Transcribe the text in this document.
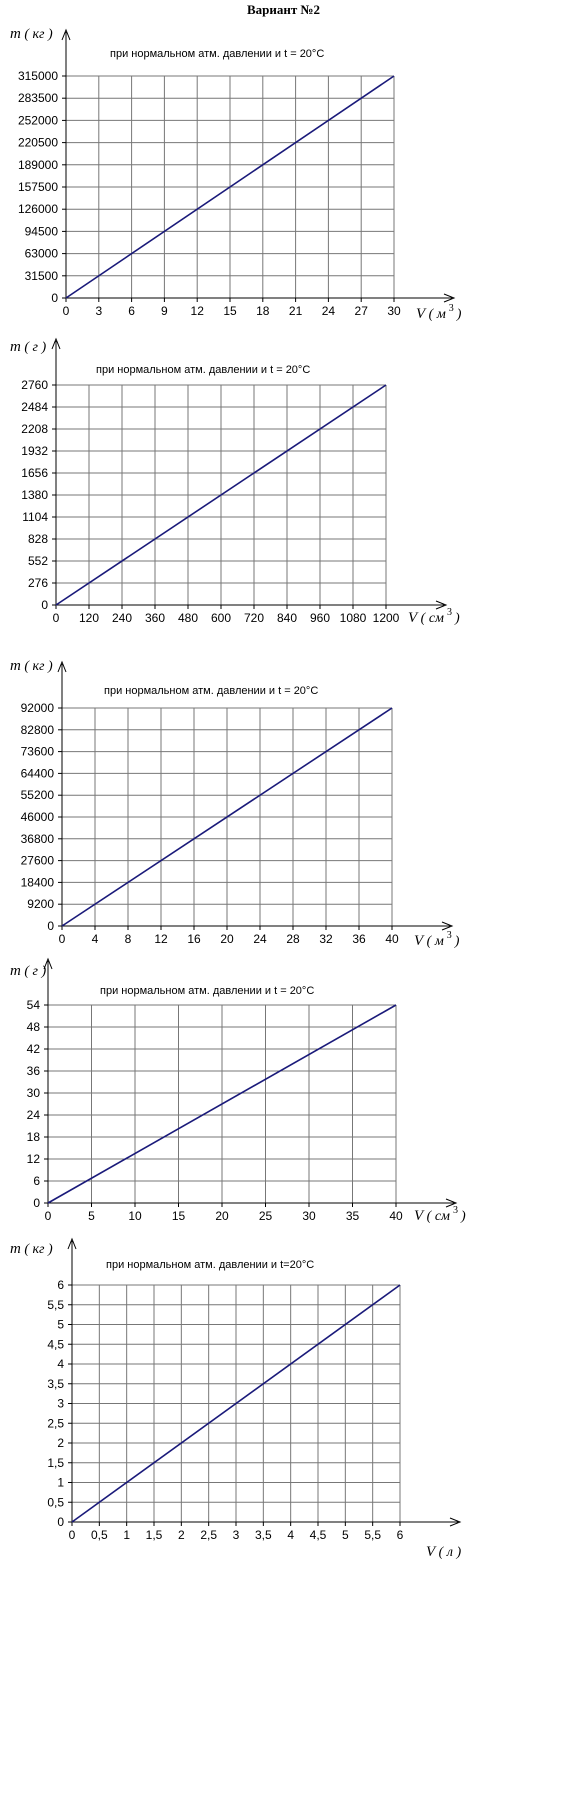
Вариант №2
0 3 6 9 12 15 18 21 24 27 30
0
31500
63000
94500
126000
157500
189000
220500
252000
283500
315000
при нормальном атм. давлении и t = 20°C
m ( кг )
V ( м $^3$ )
0 120 240 360 480 600 720 840 960 1080 1200
0
276
552
828
1104
1380
1656
1932
2208
2484
2760
при нормальном атм. давлении и t = 20°C
m ( г )
V ( см $^3$ )
0 4 8 12 16 20 24 28 32 36 40
0
9200
18400
27600
36800
46000
55200
64400
73600
82800
92000
при нормальном атм. давлении и t = 20°C
m ( кг )
V ( м $^3$ )
0	5	10	15	20	25	30	35	40
0
6
12
18
24
30
36
42
48
54
при нормальном атм. давлении и t = 20°C
m ( г )
V ( см $^3$ )
0 0,5 1 1,5 2 2,5 3 3,5 4 4,5 5 5,5 6
0
0,5
1
1,5
2
2,5
3
3,5
4
4,5
5
5,5
6
при нормальном атм. давлении и t=20°C
m ( кг )
V ( л )
